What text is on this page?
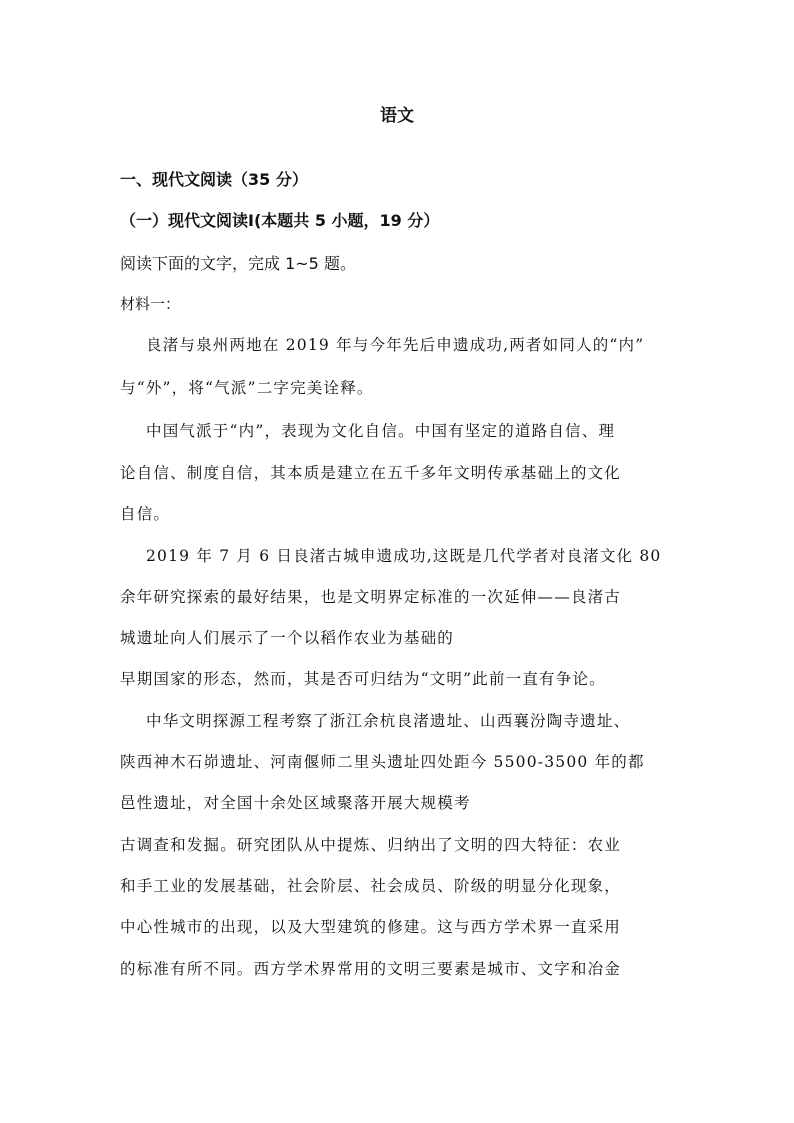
语文
一、现代文阅读（35 分）
（一）现代文阅读Ⅰ(本题共 5 小题，19 分）
阅读下面的文字，完成 1~5 题。
材料一：
良渚与泉州两地在 2019 年与今年先后申遗成功,两者如同人的“内”
与“外”，将“气派”二字完美诠释。
中国气派于“内”，表现为文化自信。中国有坚定的道路自信、理
论自信、制度自信，其本质是建立在五千多年文明传承基础上的文化
自信。
2019 年 7 月 6 日良渚古城申遗成功,这既是几代学者对良渚文化 80
余年研究探索的最好结果，也是文明界定标准的一次延伸——良渚古
城遗址向人们展示了一个以稻作农业为基础的
早期国家的形态，然而，其是否可归结为“文明”此前一直有争论。
中华文明探源工程考察了浙江余杭良渚遗址、山西襄汾陶寺遗址、
陕西神木石峁遗址、河南偃师二里头遗址四处距今 5500-3500 年的都
邑性遗址，对全国十余处区域聚落开展大规模考
古调查和发掘。研究团队从中提炼、归纳出了文明的四大特征：农业
和手工业的发展基础，社会阶层、社会成员、阶级的明显分化现象，
中心性城市的出现，以及大型建筑的修建。这与西方学术界一直采用
的标准有所不同。西方学术界常用的文明三要素是城市、文字和冶金
